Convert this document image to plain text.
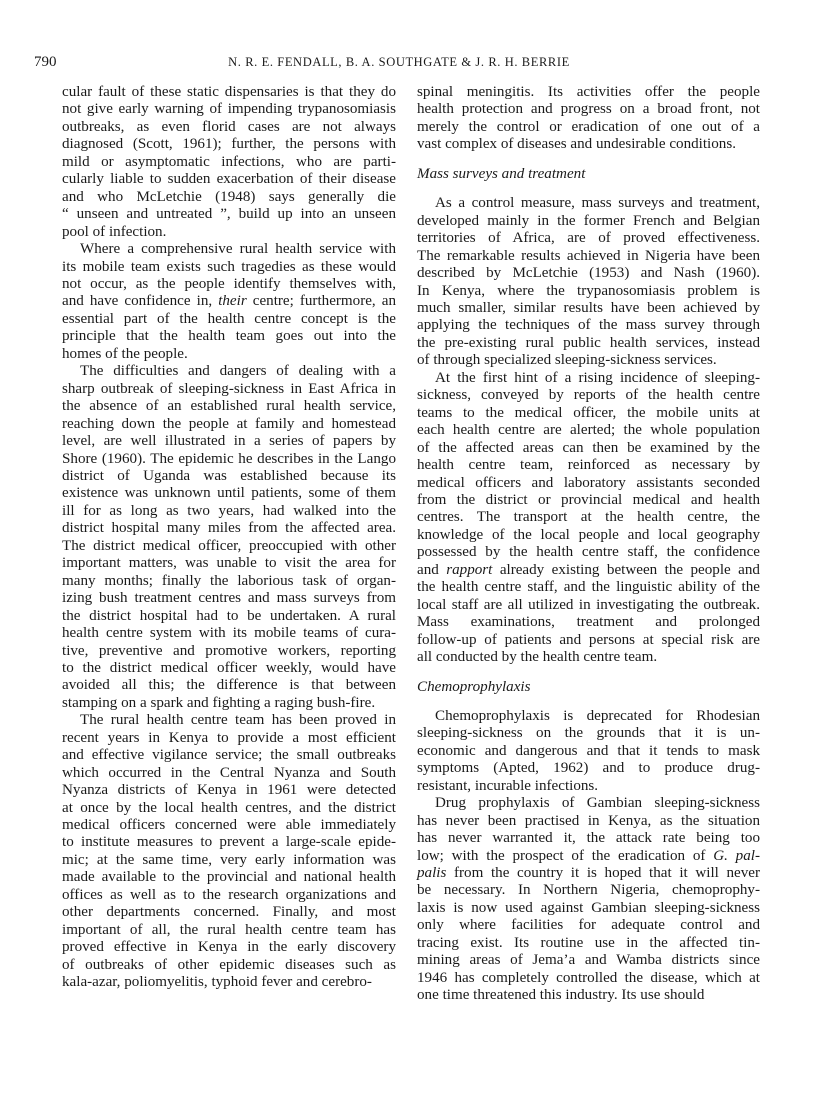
790	N. R. E. FENDALL, B. A. SOUTHGATE & J. R. H. BERRIE

cular fault of these static dispensaries is that they do
not give early warning of impending trypanosomiasis
outbreaks, as even florid cases are not always
diagnosed (Scott, 1961); further, the persons with
mild or asymptomatic infections, who are parti-
cularly liable to sudden exacerbation of their disease
and who McLetchie (1948) says generally die
“ unseen and untreated ”, build up into an unseen
pool of infection.

Where a comprehensive rural health service with
its mobile team exists such tragedies as these would
not occur, as the people identify themselves with,
and have confidence in, their centre; furthermore, an
essential part of the health centre concept is the
principle that the health team goes out into the
homes of the people.

The difficulties and dangers of dealing with a
sharp outbreak of sleeping-sickness in East Africa in
the absence of an established rural health service,
reaching down the people at family and homestead
level, are well illustrated in a series of papers by
Shore (1960). The epidemic he describes in the Lango
district of Uganda was established because its
existence was unknown until patients, some of them
ill for as long as two years, had walked into the
district hospital many miles from the affected area.
The district medical officer, preoccupied with other
important matters, was unable to visit the area for
many months; finally the laborious task of organ-
izing bush treatment centres and mass surveys from
the district hospital had to be undertaken. A rural
health centre system with its mobile teams of cura-
tive, preventive and promotive workers, reporting
to the district medical officer weekly, would have
avoided all this; the difference is that between
stamping on a spark and fighting a raging bush-fire.

The rural health centre team has been proved in
recent years in Kenya to provide a most efficient
and effective vigilance service; the small outbreaks
which occurred in the Central Nyanza and South
Nyanza districts of Kenya in 1961 were detected
at once by the local health centres, and the district
medical officers concerned were able immediately
to institute measures to prevent a large-scale epide-
mic; at the same time, very early information was
made available to the provincial and national health
offices as well as to the research organizations and
other departments concerned. Finally, and most
important of all, the rural health centre team has
proved effective in Kenya in the early discovery
of outbreaks of other epidemic diseases such as
kala-azar, poliomyelitis, typhoid fever and cerebro-

spinal meningitis. Its activities offer the people
health protection and progress on a broad front, not
merely the control or eradication of one out of a
vast complex of diseases and undesirable conditions.

Mass surveys and treatment

As a control measure, mass surveys and treatment,
developed mainly in the former French and Belgian
territories of Africa, are of proved effectiveness.
The remarkable results achieved in Nigeria have been
described by McLetchie (1953) and Nash (1960).
In Kenya, where the trypanosomiasis problem is
much smaller, similar results have been achieved by
applying the techniques of the mass survey through
the pre-existing rural public health services, instead
of through specialized sleeping-sickness services.

At the first hint of a rising incidence of sleeping-
sickness, conveyed by reports of the health centre
teams to the medical officer, the mobile units at
each health centre are alerted; the whole population
of the affected areas can then be examined by the
health centre team, reinforced as necessary by
medical officers and laboratory assistants seconded
from the district or provincial medical and health
centres. The transport at the health centre, the
knowledge of the local people and local geography
possessed by the health centre staff, the confidence
and rapport already existing between the people and
the health centre staff, and the linguistic ability of the
local staff are all utilized in investigating the outbreak.
Mass examinations, treatment and prolonged
follow-up of patients and persons at special risk are
all conducted by the health centre team.

Chemoprophylaxis

Chemoprophylaxis is deprecated for Rhodesian
sleeping-sickness on the grounds that it is un-
economic and dangerous and that it tends to mask
symptoms (Apted, 1962) and to produce drug-
resistant, incurable infections.

Drug prophylaxis of Gambian sleeping-sickness
has never been practised in Kenya, as the situation
has never warranted it, the attack rate being too
low; with the prospect of the eradication of G. pal-
palis from the country it is hoped that it will never
be necessary. In Northern Nigeria, chemoprophy-
laxis is now used against Gambian sleeping-sickness
only where facilities for adequate control and
tracing exist. Its routine use in the affected tin-
mining areas of Jema’a and Wamba districts since
1946 has completely controlled the disease, which at
one time threatened this industry. Its use should
